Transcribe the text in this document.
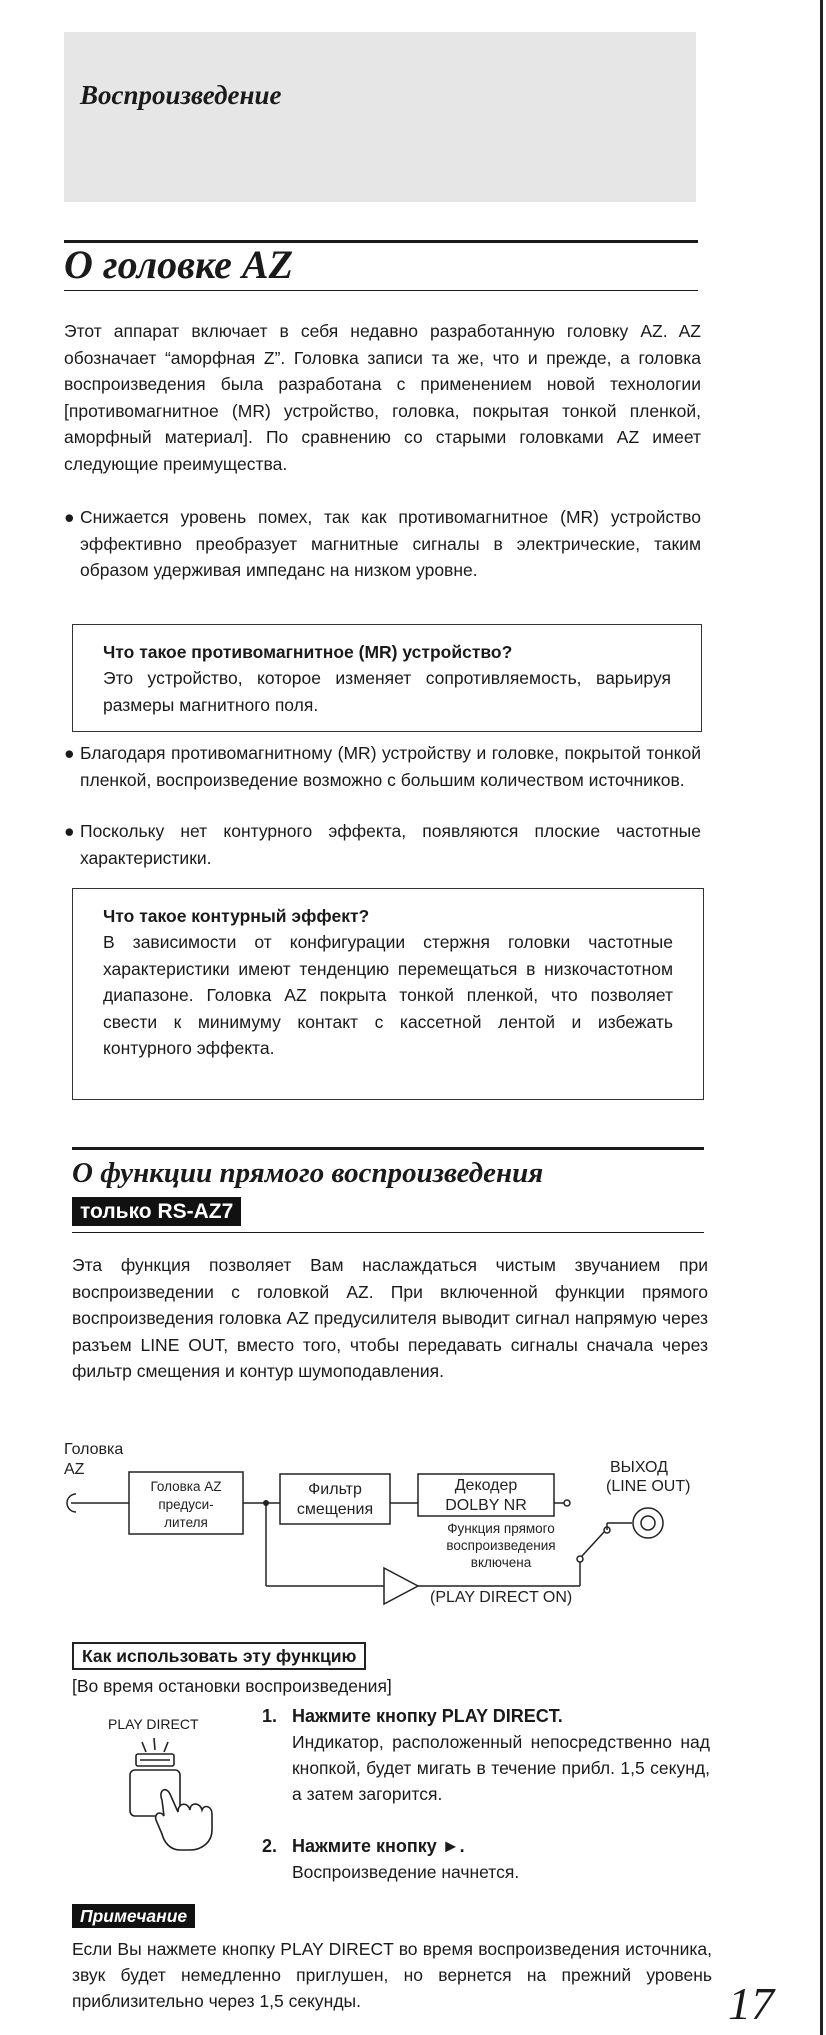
Воспроизведение
О головке AZ

Этот аппарат включает в себя недавно разработанную головку AZ. AZ обозначает “аморфная Z”. Головка записи та же, что и прежде, а головка воспроизведения была разработана с применением новой технологии [противомагнитное (MR) устройство, головка, покрытая тонкой пленкой, аморфный материал]. По сравнению со старыми головками AZ имеет следующие преимущества.

● Снижается уровень помех, так как противомагнитное (MR) устройство эффективно преобразует магнитные сигналы в электрические, таким образом удерживая импеданс на низком уровне.
Что такое противомагнитное (MR) устройство?
Это устройство, которое изменяет сопротивляемость, варьируя размеры магнитного поля.
● Благодаря противомагнитному (MR) устройству и головке, покрытой тонкой пленкой, воспроизведение возможно с большим количеством источников.
● Поскольку нет контурного эффекта, появляются плоские частотные характеристики.
Что такое контурный эффект?
В зависимости от конфигурации стержня головки частотные характеристики имеют тенденцию перемещаться в низкочастотном диапазоне. Головка AZ покрыта тонкой пленкой, что позволяет свести к минимуму контакт с кассетной лентой и избежать контурного эффекта.
О функции прямого воспроизведения
только RS-AZ7

Эта функция позволяет Вам наслаждаться чистым звучанием при воспроизведении с головкой AZ. При включенной функции прямого воспроизведения головка AZ предусилителя выводит сигнал напрямую через разъем LINE OUT, вместо того, чтобы передавать сигналы сначала через фильтр смещения и контур шумоподавления.

Головка
AZ
Головка AZ
предуси-
лителя
Фильтр
смещения
Декодер
DOLBY NR
ВЫХОД
(LINE OUT)
Функция прямого
воспроизведения
включена
(PLAY DIRECT ON)
Как использовать эту функцию
[Во время остановки воспроизведения]
PLAY DIRECT	1. Нажмите кнопку PLAY DIRECT.
Индикатор, расположенный непосредственно над кнопкой, будет мигать в течение прибл. 1,5 секунд, а затем загорится.
2. Нажмите кнопку ►.
Воспроизведение начнется.
Примечание
Если Вы нажмете кнопку PLAY DIRECT во время воспроизведения источника, звук будет немедленно приглушен, но вернется на прежний уровень приблизительно через 1,5 секунды.	17
